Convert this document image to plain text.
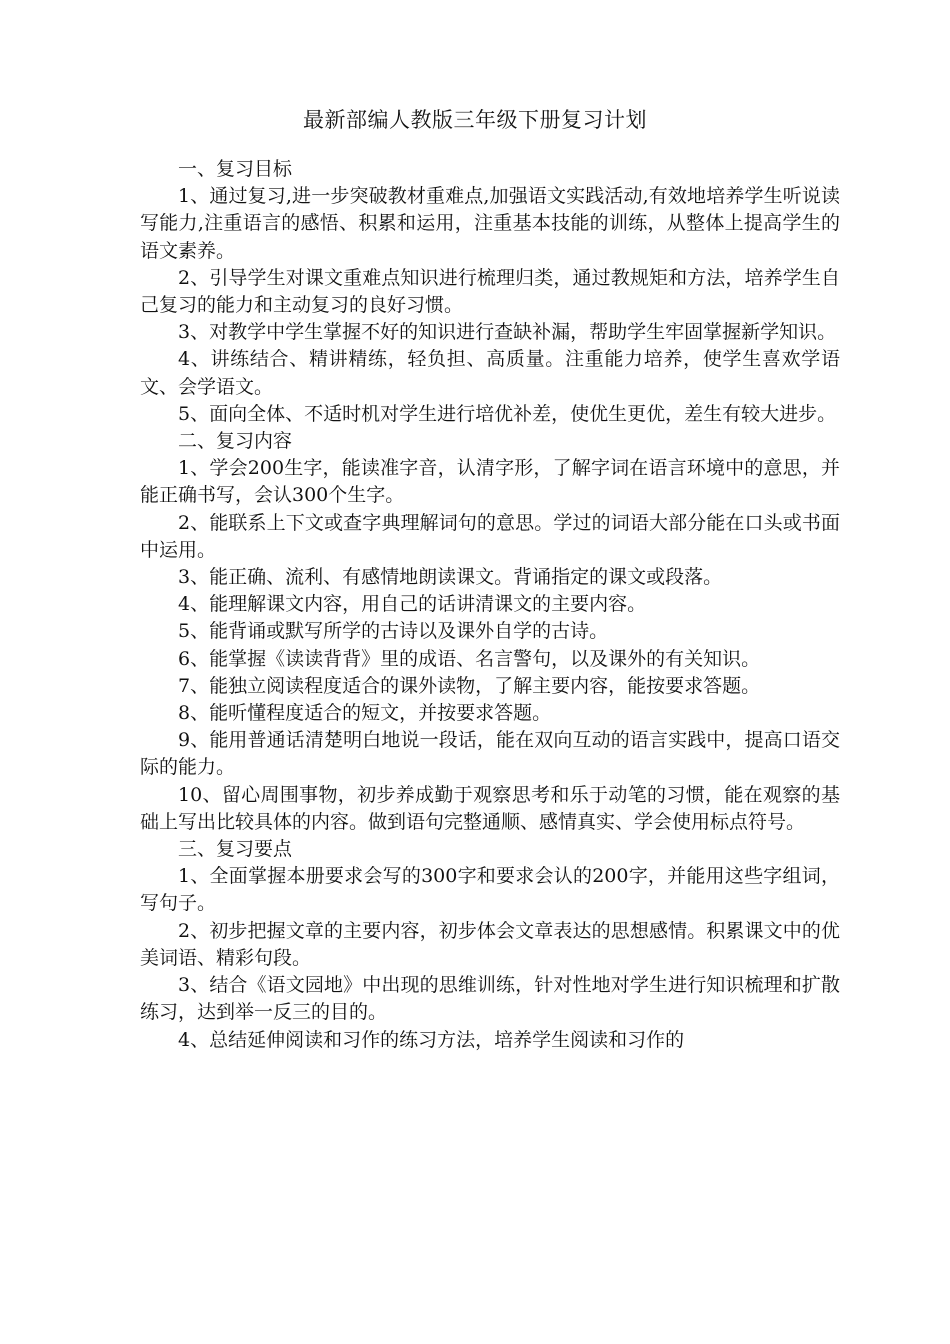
最新部编人教版三年级下册复习计划

一、复习目标

1、通过复习,进一步突破教材重难点,加强语文实践活动,有效地培养学生听说读写能力,注重语言的感悟、积累和运用，注重基本技能的训练，从整体上提高学生的语文素养。

2、引导学生对课文重难点知识进行梳理归类，通过教规矩和方法，培养学生自己复习的能力和主动复习的良好习惯。

3、对教学中学生掌握不好的知识进行查缺补漏，帮助学生牢固掌握新学知识。

4、讲练结合、精讲精练，轻负担、高质量。注重能力培养，使学生喜欢学语文、会学语文。

5、面向全体、不适时机对学生进行培优补差，使优生更优，差生有较大进步。

二、复习内容

1、学会200生字，能读准字音，认清字形，了解字词在语言环境中的意思，并能正确书写，会认300个生字。

2、能联系上下文或查字典理解词句的意思。学过的词语大部分能在口头或书面中运用。

3、能正确、流利、有感情地朗读课文。背诵指定的课文或段落。

4、能理解课文内容，用自己的话讲清课文的主要内容。

5、能背诵或默写所学的古诗以及课外自学的古诗。

6、能掌握《读读背背》里的成语、名言警句，以及课外的有关知识。

7、能独立阅读程度适合的课外读物，了解主要内容，能按要求答题。

8、能听懂程度适合的短文，并按要求答题。

9、能用普通话清楚明白地说一段话，能在双向互动的语言实践中，提高口语交际的能力。

10、留心周围事物，初步养成勤于观察思考和乐于动笔的习惯，能在观察的基础上写出比较具体的内容。做到语句完整通顺、感情真实、学会使用标点符号。

三、复习要点

1、全面掌握本册要求会写的300字和要求会认的200字，并能用这些字组词，写句子。

2、初步把握文章的主要内容，初步体会文章表达的思想感情。积累课文中的优美词语、精彩句段。

3、结合《语文园地》中出现的思维训练，针对性地对学生进行知识梳理和扩散练习，达到举一反三的目的。

4、总结延伸阅读和习作的练习方法，培养学生阅读和习作的
